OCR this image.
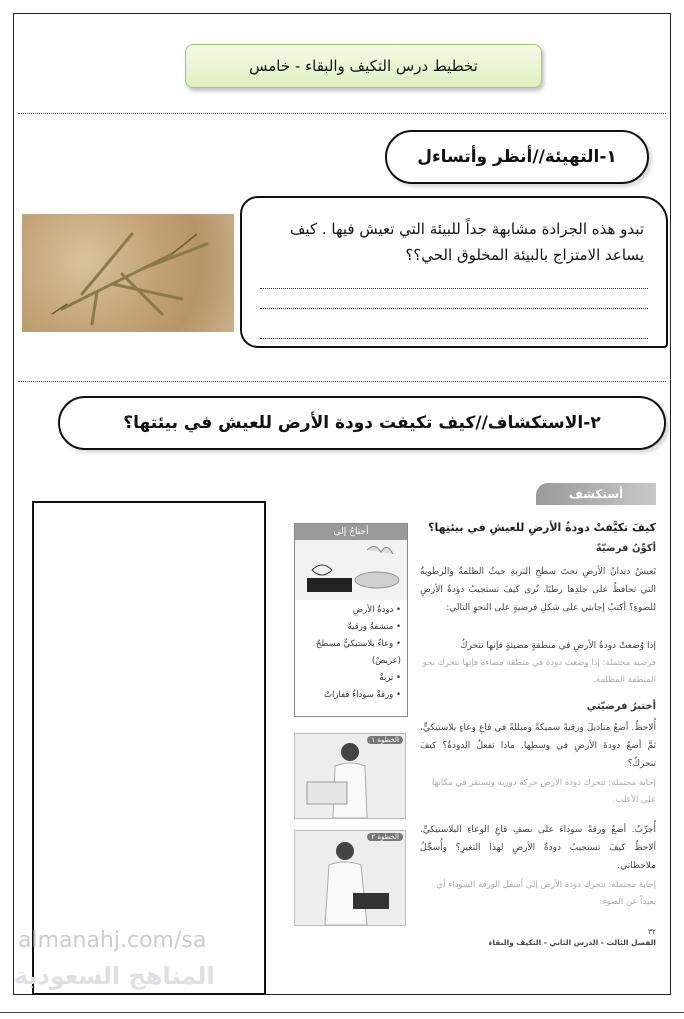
تخطيط درس التكيف والبقاء - خامس
١-التهيئة//أنظر وأتساءل
تبدو هذه الجرادة مشابهة جداً للبيئة التي تعيش فيها . كيف يساعد الامتزاج بالبيئة المخلوق الحي؟؟
٢-الاستكشاف//كيف تكيفت دودة الأرض للعيش في بيئتها؟
أستكشف
كيفَ تكيَّفتْ دودةُ الأرضِ للعيشِ في بيئتِها؟
أكوِّنُ فرضيّةً
تَعيشُ ديدانُ الأرضِ تحتَ سطحِ التربةِ حيثُ الظلمةُ والرطوبةُ التي تحافظُ على جلدِها رطبًا. تُرى كيفَ تستجيبُ دودةُ الأرضِ للضوءِ؟ أكتبُ إجابتي على شكلِ فرضيةٍ على النحوِ التالي:
إذا وُضعتْ دودةُ الأرضِ في منطقةٍ مضيئةٍ فإنها تتحركُ
فرضية محتملة: إذا وضعت دودة في منطقة مضاءة فإنها تتحرك نحو المنطقة المظلمة.
أختبرُ فرضيّتي
أُلاحظُ. أضعُ مناديلَ ورقيةً سميكةً ومبللةً في قاعِ وعاءٍ بلاستيكيٍّ، ثمَّ أضعُ دودةَ الأرضِ في وسطِها. ماذا تفعلُ الدودةُ؟ كيفَ تتحركُ؟
إجابة محتملة: تتحرك دودة الأرض حركة دورية وتستقر في مكانها على الأغلب.
أُجرِّبُ. أضعُ ورقةً سوداءَ على نصفِ قاعِ الوعاءِ البلاستيكيِّ. ألاحظُ كيفَ تستجيبُ دودةُ الأرضِ لهذا التغيرِ؟ وأُسجِّلُ ملاحظاتي.
إجابة محتملة: تتحرك دودة الأرض إلى أسفل الورقة السوداء أي بعيداً عن الضوء.
أحتاجُ إلى
• دودةُ الأرضِ
• منشفةٌ ورقيةٌ
• وعاءٌ بلاستيكيٌّ مسطحٌ (عريضٌ)
• تربةٌ
• ورقةٌ سوداءُ قفازاتٌ
الخطوة ١
الخطوة ٢
٣٢
الفصل الثالث - الدرس الثاني - التكيف والبقاء
almanahj.com/sa
المناهج السعودية
